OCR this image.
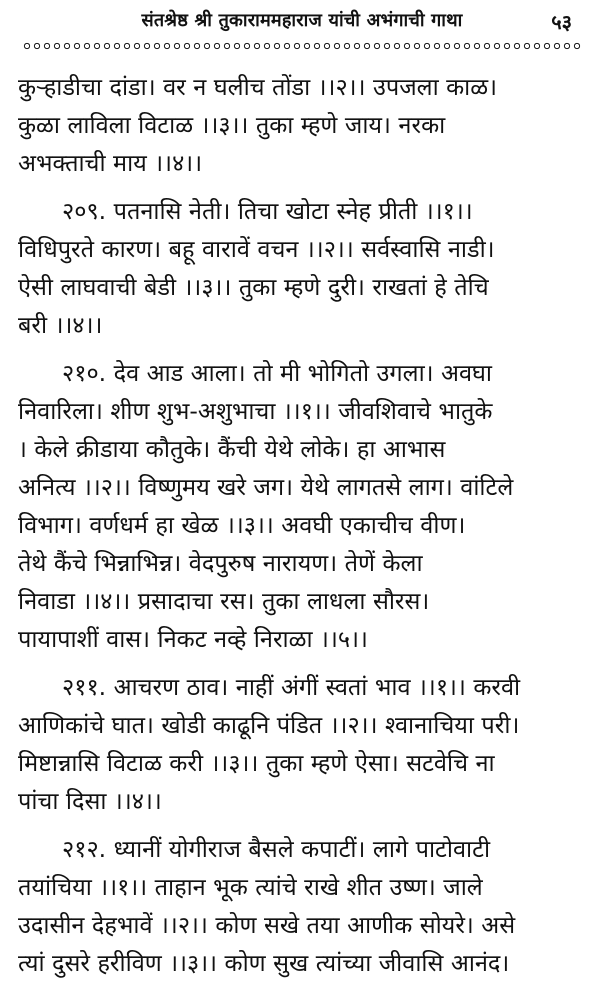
संतश्रेष्ठ श्री तुकाराममहाराज यांची अभंगाची गाथा	५३
कुऱ्हाडीचा दांडा। वर न घलीच तोंडा ।।२।। उपजला काळ।
कुळा लाविला विटाळ ।।३।। तुका म्हणे जाय। नरका
अभक्ताची माय ।।४।।
२०९. पतनासि नेती। तिचा खोटा स्नेह प्रीती ।।१।।
विधिपुरते कारण। बहू वारावें वचन ।।२।। सर्वस्वासि नाडी।
ऐसी लाघवाची बेडी ।।३।। तुका म्हणे दुरी। राखतां हे तेचि
बरी ।।४।।
२१०. देव आड आला। तो मी भोगितो उगला। अवघा
निवारिला। शीण शुभ-अशुभाचा ।।१।। जीवशिवाचे भातुके
। केले क्रीडाया कौतुके। कैंची येथे लोके। हा आभास
अनित्य ।।२।। विष्णुमय खरे जग। येथे लागतसे लाग। वांटिले
विभाग। वर्णधर्म हा खेळ ।।३।। अवघी एकाचीच वीण।
तेथे कैंचे भिन्नाभिन्न। वेदपुरुष नारायण। तेणें केला
निवाडा ।।४।। प्रसादाचा रस। तुका लाधला सौरस।
पायापाशीं वास। निकट नव्हे निराळा ।।५।।
२११. आचरण ठाव। नाहीं अंगीं स्वतां भाव ।।१।। करवी
आणिकांचे घात। खोडी काढूनि पंडित ।।२।। श्वानाचिया परी।
मिष्टान्नासि विटाळ करी ।।३।। तुका म्हणे ऐसा। सटवेचि ना
पांचा दिसा ।।४।।
२१२. ध्यानीं योगीराज बैसले कपाटीं। लागे पाटोवाटी
तयांचिया ।।१।। ताहान भूक त्यांचे राखे शीत उष्ण। जाले
उदासीन देहभावें ।।२।। कोण सखे तया आणीक सोयरे। असे
त्यां दुसरे हरीविण ।।३।। कोण सुख त्यांच्या जीवासि आनंद।
